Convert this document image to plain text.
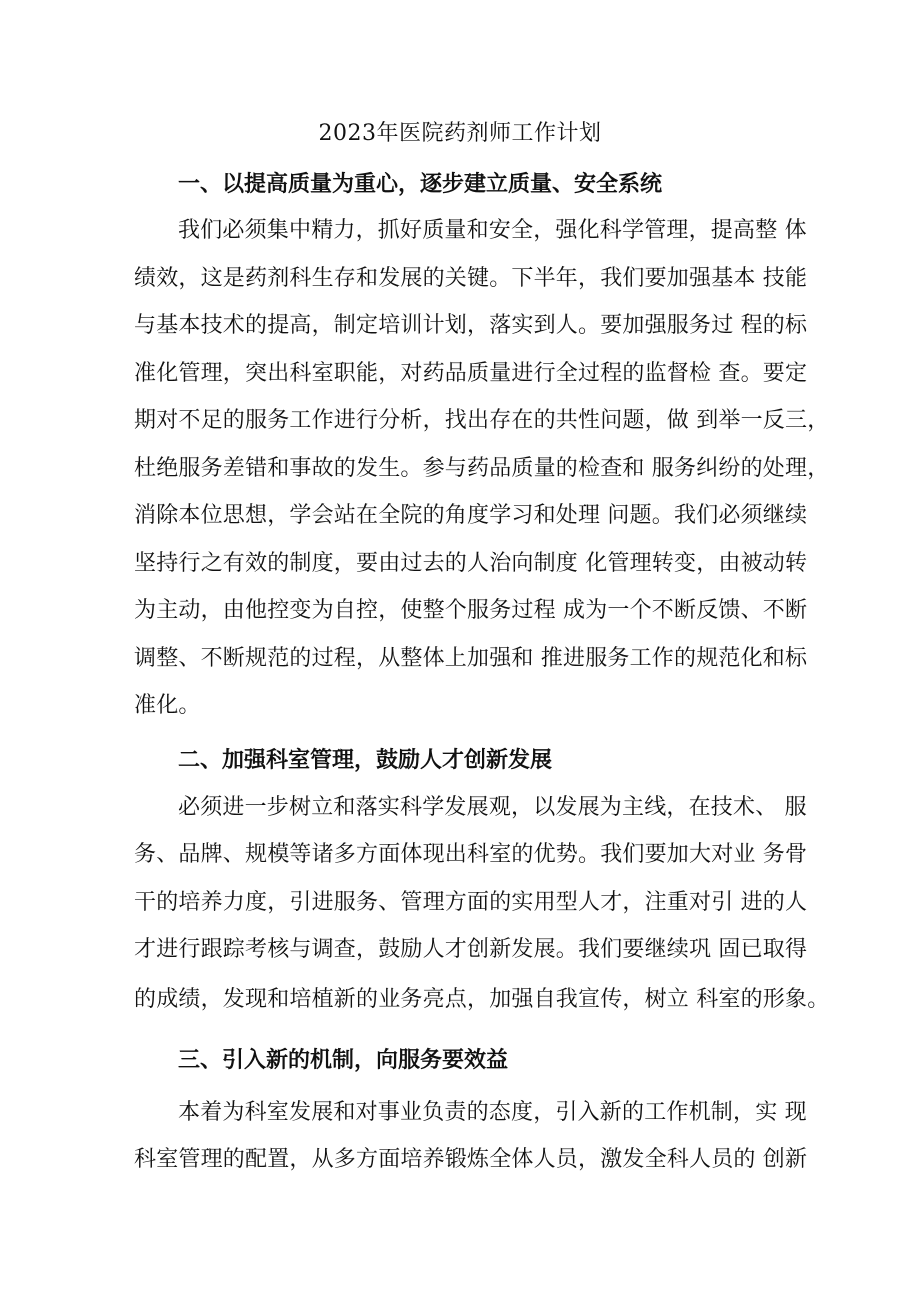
2023年医院药剂师工作计划
一、以提高质量为重心，逐步建立质量、安全系统
我们必须集中精力，抓好质量和安全，强化科学管理，提高整 体
绩效，这是药剂科生存和发展的关键。下半年，我们要加强基本 技能
与基本技术的提高，制定培训计划，落实到人。要加强服务过 程的标
准化管理，突出科室职能，对药品质量进行全过程的监督检 查。要定
期对不足的服务工作进行分析，找出存在的共性问题，做 到举一反三，
杜绝服务差错和事故的发生。参与药品质量的检查和 服务纠纷的处理，
消除本位思想，学会站在全院的角度学习和处理 问题。我们必须继续
坚持行之有效的制度，要由过去的人治向制度 化管理转变，由被动转
为主动，由他控变为自控，使整个服务过程 成为一个不断反馈、不断
调整、不断规范的过程，从整体上加强和 推进服务工作的规范化和标
准化。
二、加强科室管理，鼓励人才创新发展
必须进一步树立和落实科学发展观，以发展为主线，在技术、 服
务、品牌、规模等诸多方面体现出科室的优势。我们要加大对业 务骨
干的培养力度，引进服务、管理方面的实用型人才，注重对引 进的人
才进行跟踪考核与调查，鼓励人才创新发展。我们要继续巩 固已取得
的成绩，发现和培植新的业务亮点，加强自我宣传，树立 科室的形象。
三、引入新的机制，向服务要效益
本着为科室发展和对事业负责的态度，引入新的工作机制，实 现
科室管理的配置，从多方面培养锻炼全体人员，激发全科人员的 创新
